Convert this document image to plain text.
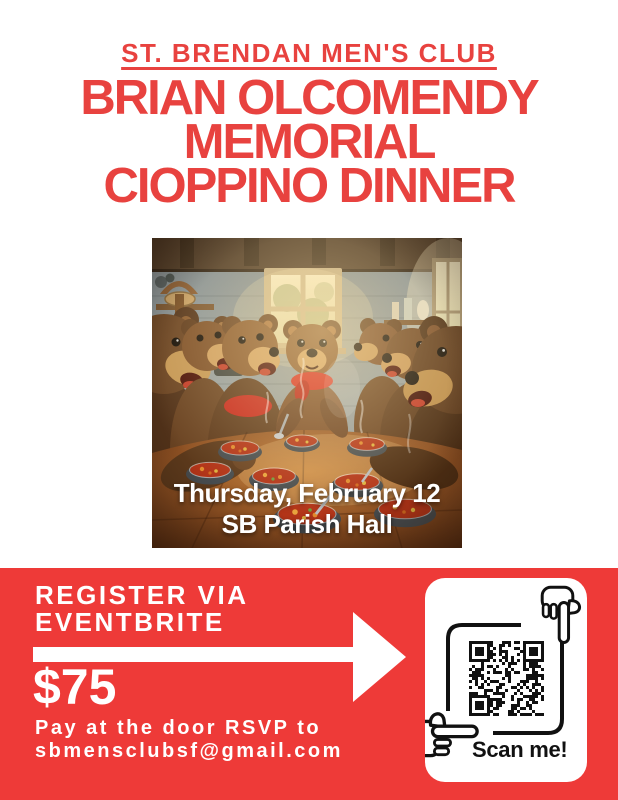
ST. BRENDAN MEN'S CLUB
BRIAN OLCOMENDY
MEMORIAL
CIOPPINO DINNER
Thursday, February 12
SB Parish Hall
REGISTER VIA
EVENTBRITE
$75
Pay at the door RSVP to
sbmensclubsf@gmail.com	Scan me!
